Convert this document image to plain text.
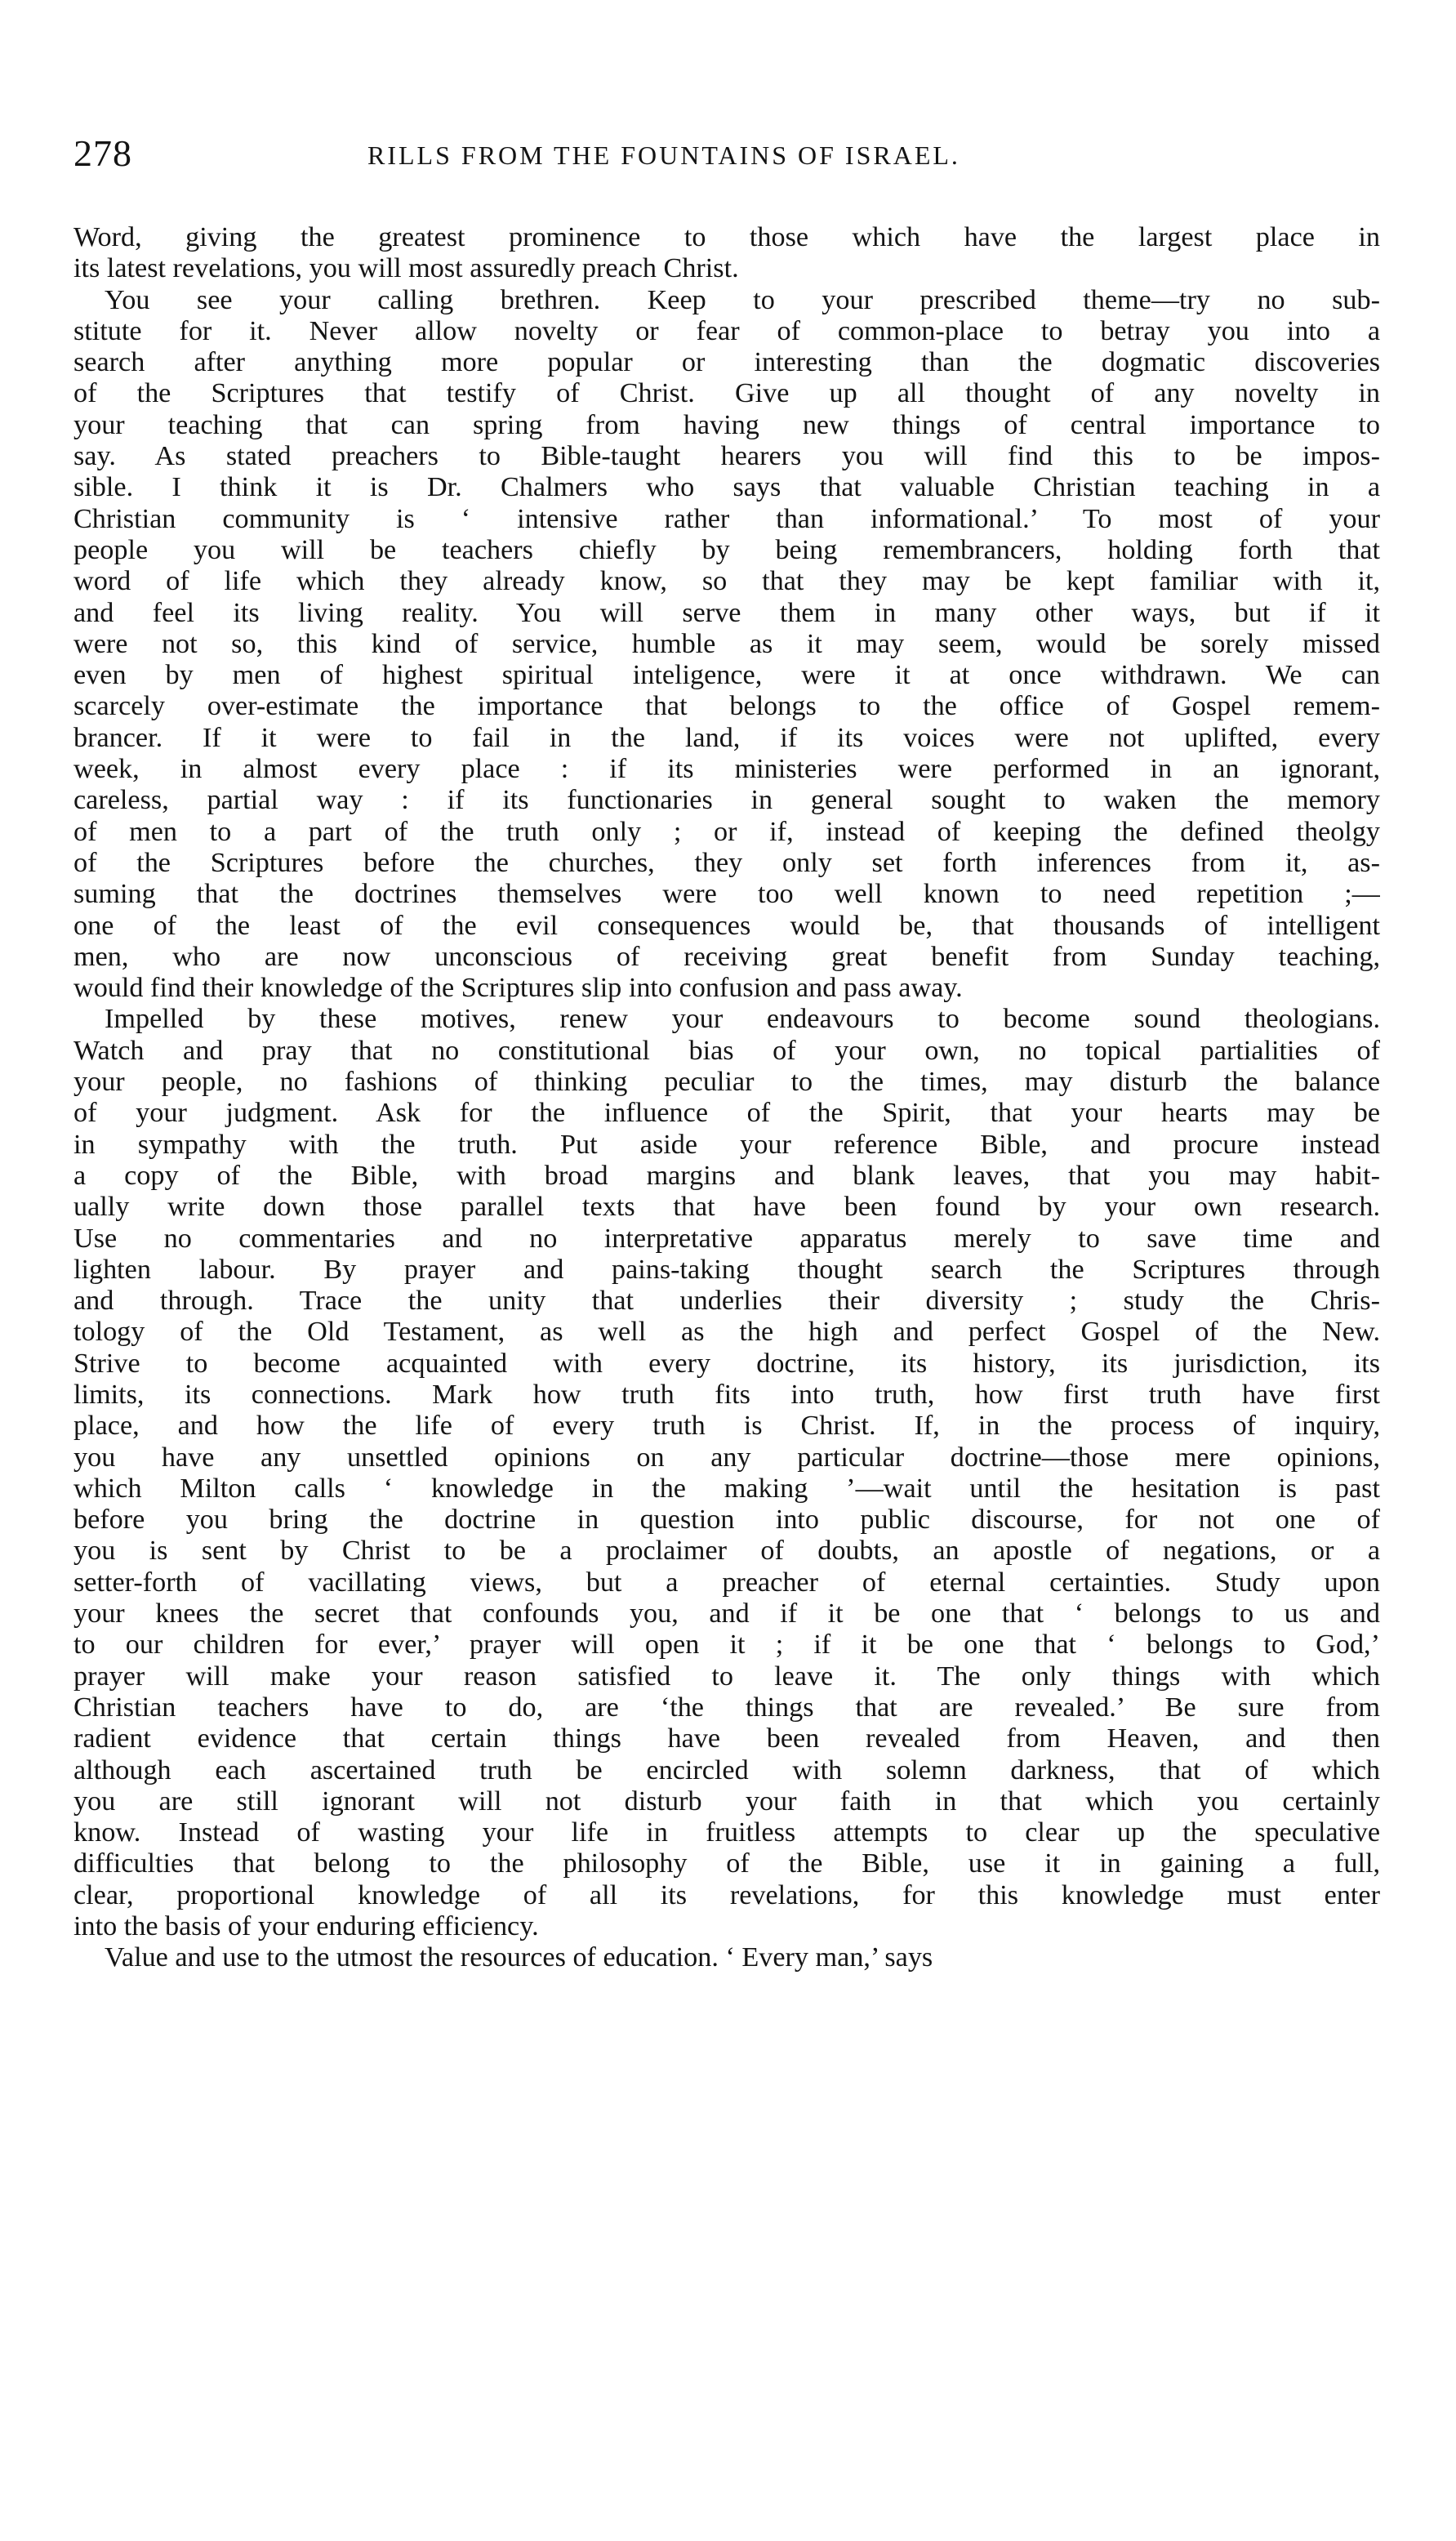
278	RILLS FROM THE FOUNTAINS OF ISRAEL.

Word, giving the greatest prominence to those which have the largest place in
its latest revelations, you will most assuredly preach Christ.

You see your calling brethren. Keep to your prescribed theme—try no sub-
stitute for it. Never allow novelty or fear of common-place to betray you into a
search after anything more popular or interesting than the dogmatic discoveries
of the Scriptures that testify of Christ. Give up all thought of any novelty in
your teaching that can spring from having new things of central importance to
say. As stated preachers to Bible-taught hearers you will find this to be impos-
sible. I think it is Dr. Chalmers who says that valuable Christian teaching in a
Christian community is ‘ intensive rather than informational.’ To most of your
people you will be teachers chiefly by being remembrancers, holding forth that
word of life which they already know, so that they may be kept familiar with it,
and feel its living reality. You will serve them in many other ways, but if it
were not so, this kind of service, humble as it may seem, would be sorely missed
even by men of highest spiritual inteligence, were it at once withdrawn. We can
scarcely over-estimate the importance that belongs to the office of Gospel remem-
brancer. If it were to fail in the land, if its voices were not uplifted, every
week, in almost every place : if its ministeries were performed in an ignorant,
careless, partial way : if its functionaries in general sought to waken the memory
of men to a part of the truth only ; or if, instead of keeping the defined theolgy
of the Scriptures before the churches, they only set forth inferences from it, as-
suming that the doctrines themselves were too well known to need repetition ;—
one of the least of the evil consequences would be, that thousands of intelligent
men, who are now unconscious of receiving great benefit from Sunday teaching,
would find their knowledge of the Scriptures slip into confusion and pass away.

Impelled by these motives, renew your endeavours to become sound theologians.
Watch and pray that no constitutional bias of your own, no topical partialities of
your people, no fashions of thinking peculiar to the times, may disturb the balance
of your judgment. Ask for the influence of the Spirit, that your hearts may be
in sympathy with the truth. Put aside your reference Bible, and procure instead
a copy of the Bible, with broad margins and blank leaves, that you may habit-
ually write down those parallel texts that have been found by your own research.
Use no commentaries and no interpretative apparatus merely to save time and
lighten labour. By prayer and pains-taking thought search the Scriptures through
and through. Trace the unity that underlies their diversity ; study the Chris-
tology of the Old Testament, as well as the high and perfect Gospel of the New.
Strive to become acquainted with every doctrine, its history, its jurisdiction, its
limits, its connections. Mark how truth fits into truth, how first truth have first
place, and how the life of every truth is Christ. If, in the process of inquiry,
you have any unsettled opinions on any particular doctrine—those mere opinions,
which Milton calls ‘ knowledge in the making ’—wait until the hesitation is past
before you bring the doctrine in question into public discourse, for not one of
you is sent by Christ to be a proclaimer of doubts, an apostle of negations, or a
setter-forth of vacillating views, but a preacher of eternal certainties. Study upon
your knees the secret that confounds you, and if it be one that ‘ belongs to us and
to our children for ever,’ prayer will open it ; if it be one that ‘ belongs to God,’
prayer will make your reason satisfied to leave it. The only things with which
Christian teachers have to do, are ‘the things that are revealed.’ Be sure from
radient evidence that certain things have been revealed from Heaven, and then
although each ascertained truth be encircled with solemn darkness, that of which
you are still ignorant will not disturb your faith in that which you certainly
know. Instead of wasting your life in fruitless attempts to clear up the speculative
difficulties that belong to the philosophy of the Bible, use it in gaining a full,
clear, proportional knowledge of all its revelations, for this knowledge must enter
into the basis of your enduring efficiency.

Value and use to the utmost the resources of education. ‘ Every man,’ says
